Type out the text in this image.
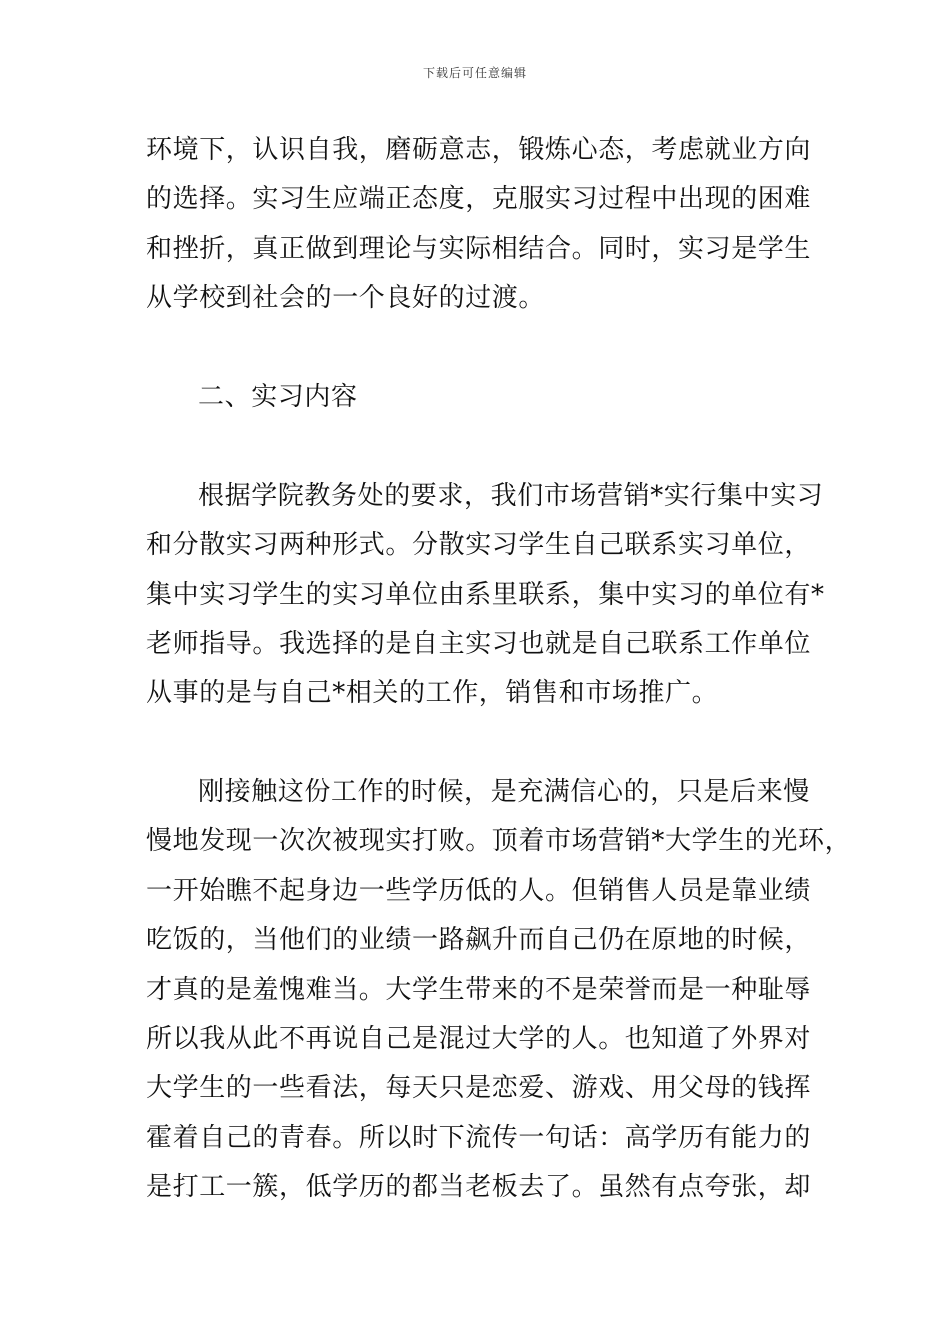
下载后可任意编辑
环境下，认识自我，磨砺意志，锻炼心态，考虑就业方向
的选择。实习生应端正态度，克服实习过程中出现的困难
和挫折，真正做到理论与实际相结合。同时，实习是学生
从学校到社会的一个良好的过渡。
二、实习内容
根据学院教务处的要求，我们市场营销*实行集中实习
和分散实习两种形式。分散实习学生自己联系实习单位，
集中实习学生的实习单位由系里联系，集中实习的单位有*
老师指导。我选择的是自主实习也就是自己联系工作单位
从事的是与自己*相关的工作，销售和市场推广。
刚接触这份工作的时候，是充满信心的，只是后来慢
慢地发现一次次被现实打败。顶着市场营销*大学生的光环，
一开始瞧不起身边一些学历低的人。但销售人员是靠业绩
吃饭的，当他们的业绩一路飙升而自己仍在原地的时候，
才真的是羞愧难当。大学生带来的不是荣誉而是一种耻辱
所以我从此不再说自己是混过大学的人。也知道了外界对
大学生的一些看法，每天只是恋爱、游戏、用父母的钱挥
霍着自己的青春。所以时下流传一句话：高学历有能力的
是打工一簇，低学历的都当老板去了。虽然有点夸张，却
